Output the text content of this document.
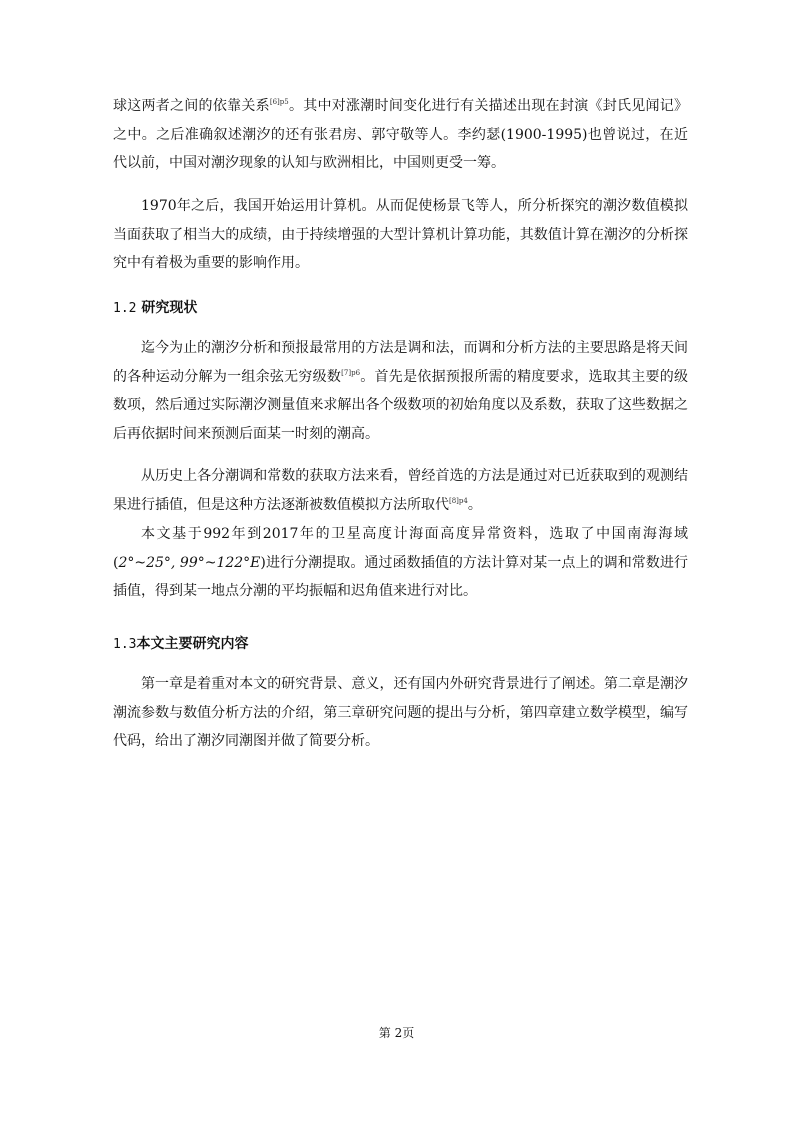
球这两者之间的依靠关系$^{[6]p5}$。其中对涨潮时间变化进行有关描述出现在封演《封氏见闻记》之中。之后准确叙述潮汐的还有张君房、郭守敬等人。李约瑟(1900-1995)也曾说过，在近代以前，中国对潮汐现象的认知与欧洲相比，中国则更受一筹。

1970年之后，我国开始运用计算机。从而促使杨景飞等人，所分析探究的潮汐数值模拟当面获取了相当大的成绩，由于持续增强的大型计算机计算功能，其数值计算在潮汐的分析探究中有着极为重要的影响作用。

1.2 研究现状

迄今为止的潮汐分析和预报最常用的方法是调和法，而调和分析方法的主要思路是将天间的各种运动分解为一组余弦无穷级数$^{[7]p6}$。首先是依据预报所需的精度要求，选取其主要的级数项，然后通过实际潮汐测量值来求解出各个级数项的初始角度以及系数，获取了这些数据之后再依据时间来预测后面某一时刻的潮高。

从历史上各分潮调和常数的获取方法来看，曾经首选的方法是通过对已近获取到的观测结果进行插值，但是这种方法逐渐被数值模拟方法所取代$^{[8]p4}$。

本文基于992年到2017年的卫星高度计海面高度异常资料，选取了中国南海海域(2°~25°, 99°~122°E)进行分潮提取。通过函数插值的方法计算对某一点上的调和常数进行插值，得到某一地点分潮的平均振幅和迟角值来进行对比。

1.3本文主要研究内容

第一章是着重对本文的研究背景、意义，还有国内外研究背景进行了阐述。第二章是潮汐潮流参数与数值分析方法的介绍，第三章研究问题的提出与分析，第四章建立数学模型，编写代码，给出了潮汐同潮图并做了简要分析。

第 2页
